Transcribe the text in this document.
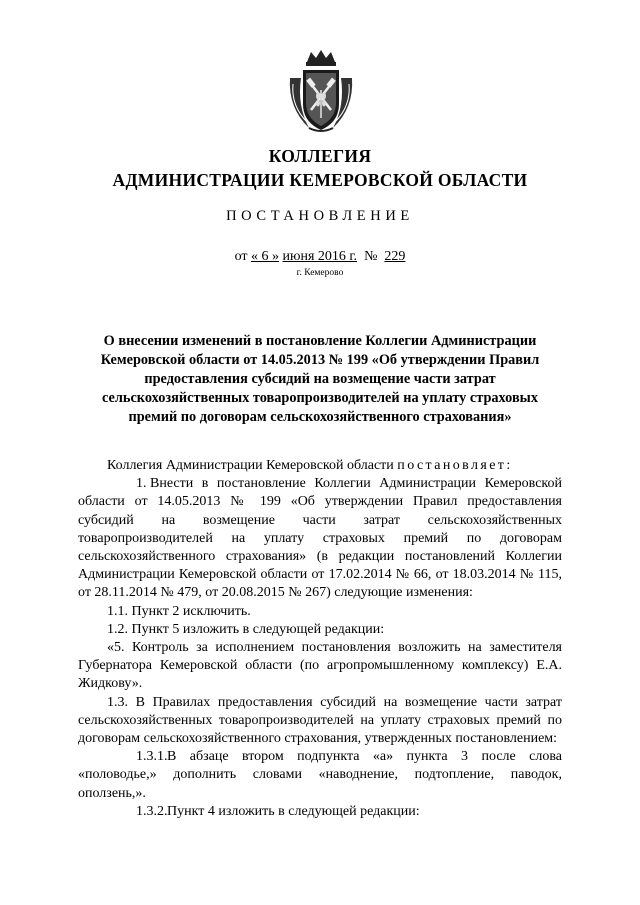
КОЛЛЕГИЯ
АДМИНИСТРАЦИИ КЕМЕРОВСКОЙ ОБЛАСТИ
ПОСТАНОВЛЕНИЕ
от « 6 » июня 2016 г. № 229
г. Кемерово
О внесении изменений в постановление Коллегии Администрации Кемеровской области от 14.05.2013 № 199 «Об утверждении Правил предоставления субсидий на возмещение части затрат сельскохозяйственных товаропроизводителей на уплату страховых премий по договорам сельскохозяйственного страхования»

Коллегия Администрации Кемеровской области постановляет:

1. Внести в постановление Коллегии Администрации Кемеровской области от 14.05.2013 № 199 «Об утверждении Правил предоставления субсидий на возмещение части затрат сельскохозяйственных товаропроизводителей на уплату страховых премий по договорам сельскохозяйственного страхования» (в редакции постановлений Коллегии Администрации Кемеровской области от 17.02.2014 № 66, от 18.03.2014 № 115, от 28.11.2014 № 479, от 20.08.2015 № 267) следующие изменения:

1.1. Пункт 2 исключить.

1.2. Пункт 5 изложить в следующей редакции:

«5. Контроль за исполнением постановления возложить на заместителя Губернатора Кемеровской области (по агропромышленному комплексу) Е.А. Жидкову».

1.3. В Правилах предоставления субсидий на возмещение части затрат сельскохозяйственных товаропроизводителей на уплату страховых премий по договорам сельскохозяйственного страхования, утвержденных постановлением:

1.3.1.В абзаце втором подпункта «а» пункта 3 после слова «половодье,» дополнить словами «наводнение, подтопление, паводок, оползень,».

1.3.2.Пункт 4 изложить в следующей редакции:
